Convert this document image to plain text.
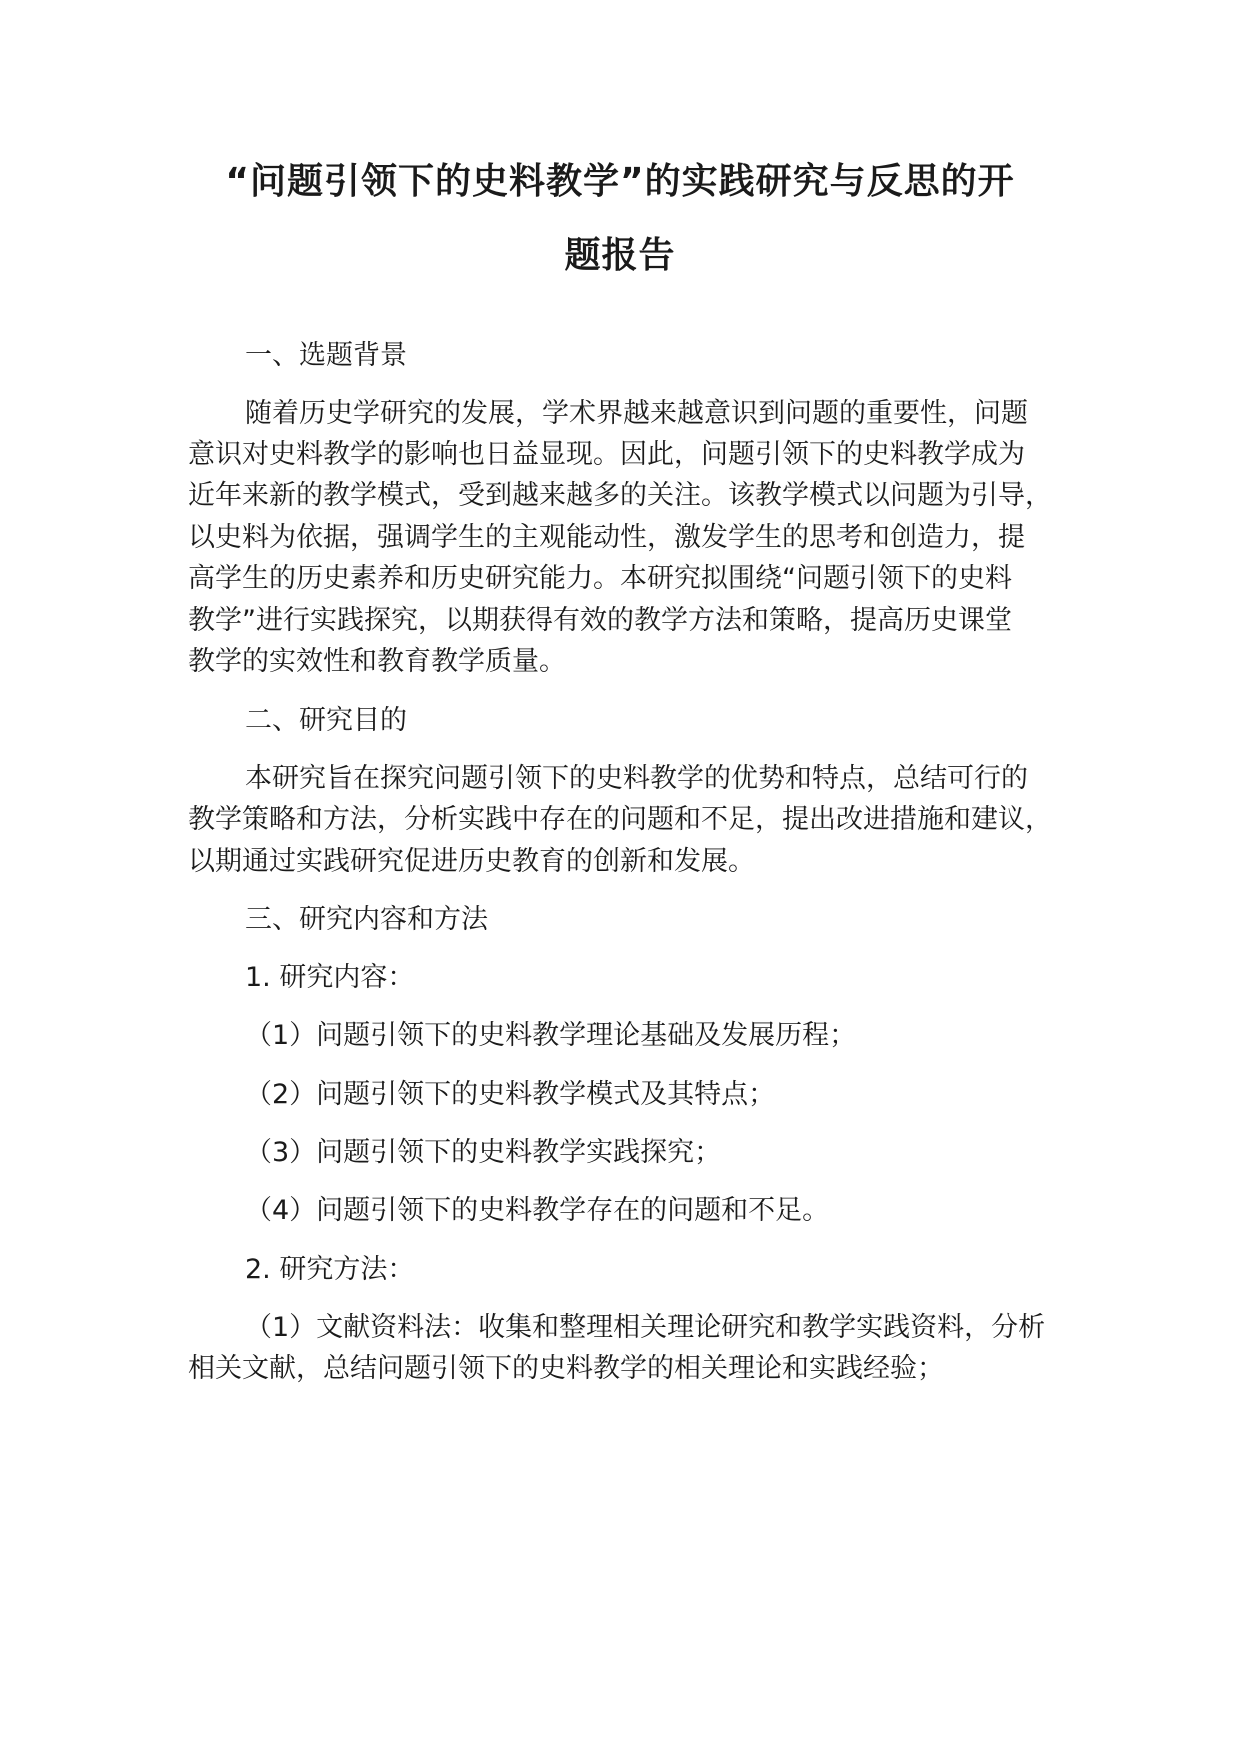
“问题引领下的史料教学”的实践研究与反思的开
题报告
一、选题背景
随着历史学研究的发展，学术界越来越意识到问题的重要性，问题
意识对史料教学的影响也日益显现。因此，问题引领下的史料教学成为
近年来新的教学模式，受到越来越多的关注。该教学模式以问题为引导，
以史料为依据，强调学生的主观能动性，激发学生的思考和创造力，提
高学生的历史素养和历史研究能力。本研究拟围绕“问题引领下的史料
教学”进行实践探究，以期获得有效的教学方法和策略，提高历史课堂
教学的实效性和教育教学质量。
二、研究目的
本研究旨在探究问题引领下的史料教学的优势和特点，总结可行的
教学策略和方法，分析实践中存在的问题和不足，提出改进措施和建议，
以期通过实践研究促进历史教育的创新和发展。
三、研究内容和方法
1. 研究内容：
（1）问题引领下的史料教学理论基础及发展历程；
（2）问题引领下的史料教学模式及其特点；
（3）问题引领下的史料教学实践探究；
（4）问题引领下的史料教学存在的问题和不足。
2. 研究方法：
（1）文献资料法：收集和整理相关理论研究和教学实践资料，分析
相关文献，总结问题引领下的史料教学的相关理论和实践经验；
